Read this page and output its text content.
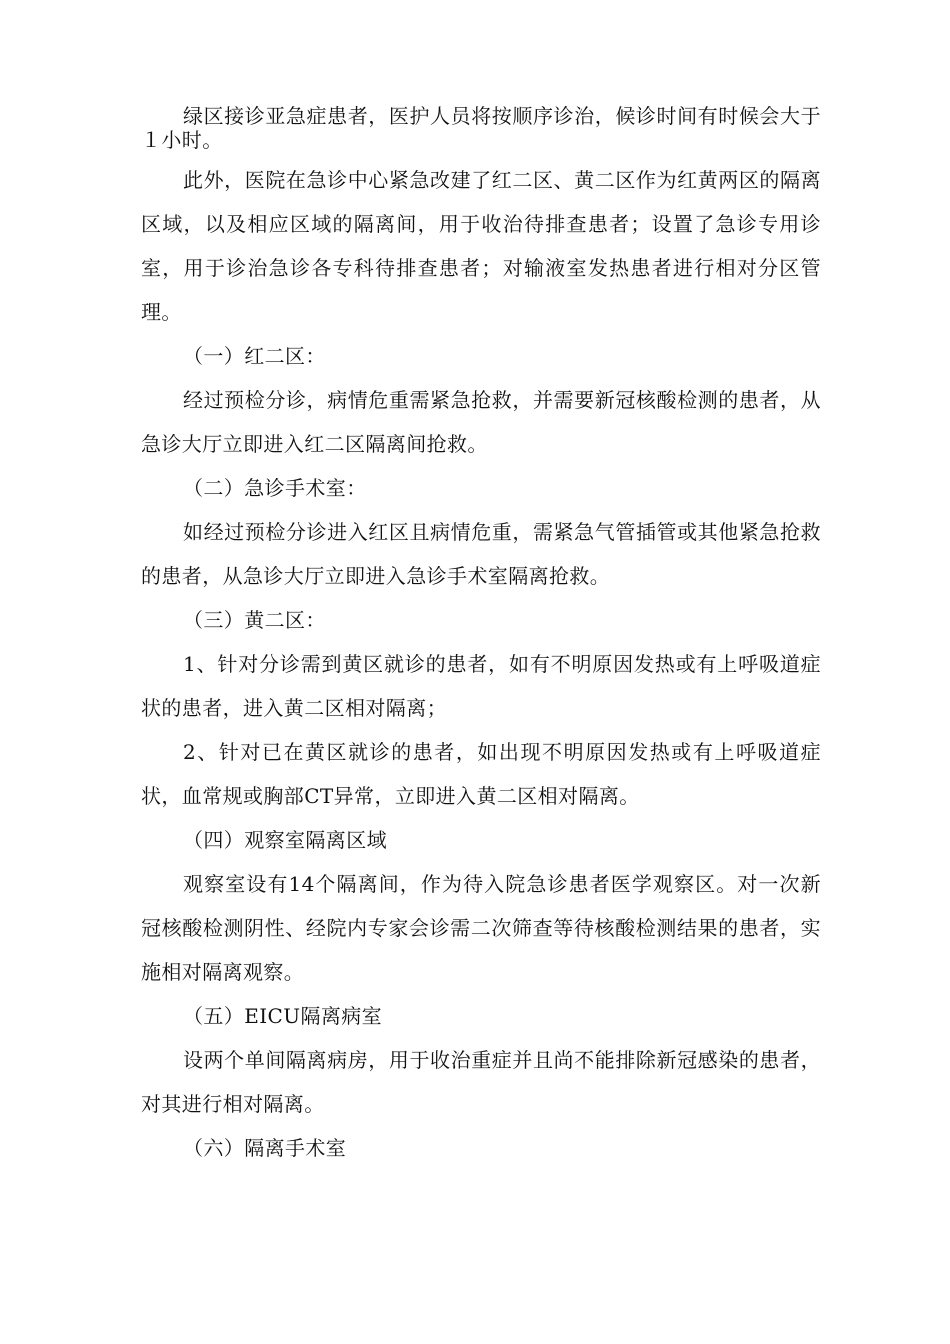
绿区接诊亚急症患者，医护人员将按顺序诊治，候诊时间有时候会大于１小时。

此外，医院在急诊中心紧急改建了红二区、黄二区作为红黄两区的隔离区域，以及相应区域的隔离间，用于收治待排查患者；设置了急诊专用诊室，用于诊治急诊各专科待排查患者；对输液室发热患者进行相对分区管理。

（一）红二区：

经过预检分诊，病情危重需紧急抢救，并需要新冠核酸检测的患者，从急诊大厅立即进入红二区隔离间抢救。

（二）急诊手术室：

如经过预检分诊进入红区且病情危重，需紧急气管插管或其他紧急抢救的患者，从急诊大厅立即进入急诊手术室隔离抢救。

（三）黄二区：

1、针对分诊需到黄区就诊的患者，如有不明原因发热或有上呼吸道症状的患者，进入黄二区相对隔离；

2、针对已在黄区就诊的患者，如出现不明原因发热或有上呼吸道症状，血常规或胸部CT异常，立即进入黄二区相对隔离。

（四）观察室隔离区域

观察室设有14个隔离间，作为待入院急诊患者医学观察区。对一次新冠核酸检测阴性、经院内专家会诊需二次筛查等待核酸检测结果的患者，实施相对隔离观察。

（五）EICU隔离病室

设两个单间隔离病房，用于收治重症并且尚不能排除新冠感染的患者，对其进行相对隔离。

（六）隔离手术室
